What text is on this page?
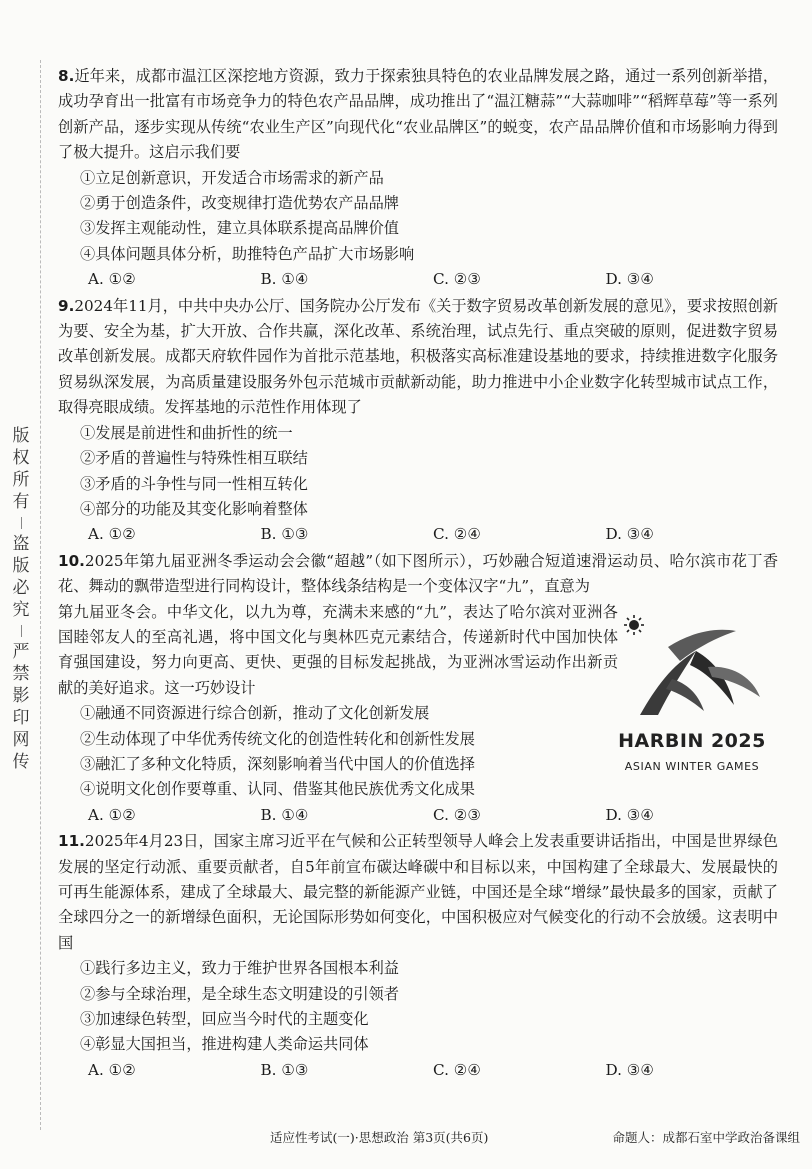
版
权
所
有
盗
版
必
究
严
禁
影
印
网
传
8.近年来，成都市温江区深挖地方资源，致力于探索独具特色的农业品牌发展之路，通过一系列创新举措，成功孕育出一批富有市场竞争力的特色农产品品牌，成功推出了“温江糖蒜”“大蒜咖啡”“稻辉草莓”等一系列创新产品，逐步实现从传统“农业生产区”向现代化“农业品牌区”的蜕变，农产品品牌价值和市场影响力得到了极大提升。这启示我们要
①立足创新意识，开发适合市场需求的新产品
②勇于创造条件，改变规律打造优势农产品品牌
③发挥主观能动性，建立具体联系提高品牌价值
④具体问题具体分析，助推特色产品扩大市场影响
A. ①②	B. ①④	C. ②③	D. ③④
9.2024年11月，中共中央办公厅、国务院办公厅发布《关于数字贸易改革创新发展的意见》，要求按照创新为要、安全为基，扩大开放、合作共赢，深化改革、系统治理，试点先行、重点突破的原则，促进数字贸易改革创新发展。成都天府软件园作为首批示范基地，积极落实高标准建设基地的要求，持续推进数字化服务贸易纵深发展，为高质量建设服务外包示范城市贡献新动能，助力推进中小企业数字化转型城市试点工作，取得亮眼成绩。发挥基地的示范性作用体现了
①发展是前进性和曲折性的统一
②矛盾的普遍性与特殊性相互联结
③矛盾的斗争性与同一性相互转化
④部分的功能及其变化影响着整体
A. ①②	B. ①③	C. ②④	D. ③④
10.2025年第九届亚洲冬季运动会会徽“超越”（如下图所示），巧妙融合短道速滑运动员、哈尔滨市花丁香花、舞动的飘带造型进行同构设计，整体线条结构是一个变体汉字“九”，直意为
第九届亚冬会。中华文化，以九为尊，充满未来感的“九”，表达了哈尔滨对亚洲各国睦邻友人的至高礼遇，将中国文化与奥林匹克元素结合，传递新时代中国加快体育强国建设，努力向更高、更快、更强的目标发起挑战，为亚洲冰雪运动作出新贡献的美好追求。这一巧妙设计
①融通不同资源进行综合创新，推动了文化创新发展
②生动体现了中华优秀传统文化的创造性转化和创新性发展
③融汇了多种文化特质，深刻影响着当代中国人的价值选择
④说明文化创作要尊重、认同、借鉴其他民族优秀文化成果
A. ①②	B. ①④	C. ②③	D. ③④
HARBIN 2025
ASIAN WINTER GAMES
11.2025年4月23日，国家主席习近平在气候和公正转型领导人峰会上发表重要讲话指出，中国是世界绿色发展的坚定行动派、重要贡献者，自5年前宣布碳达峰碳中和目标以来，中国构建了全球最大、发展最快的可再生能源体系，建成了全球最大、最完整的新能源产业链，中国还是全球“增绿”最快最多的国家，贡献了全球四分之一的新增绿色面积，无论国际形势如何变化，中国积极应对气候变化的行动不会放缓。这表明中国
①践行多边主义，致力于维护世界各国根本利益
②参与全球治理，是全球生态文明建设的引领者
③加速绿色转型，回应当今时代的主题变化
④彰显大国担当，推进构建人类命运共同体
A. ①②	B. ①③	C. ②④	D. ③④
适应性考试(一)·思想政治 第3页(共6页)	命题人：成都石室中学政治备课组
